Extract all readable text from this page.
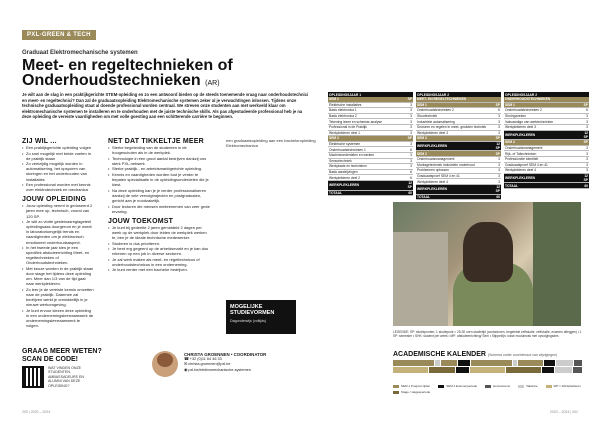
PXL-GREEN & TECH
Graduaat Elektromechanische systemen
Meet- en regeltechnieken of Onderhoudstechnieken (AR)
Je wilt aan de slag in een praktijkgerichte STEM-opleiding en zo een antwoord bieden op de steeds toenemende vraag naar onderhoudstechnici en meet- en regeltechnici? Dan zal de graduaatsopleiding Elektromechanische systemen zeker al je verwachtingen inlossen. Tijdens onze technische graduaatsopleiding staat al doende professional worden centraal. We streven onze studenten aan met werkveld klaar om elektromechanische systemen te installeren en te onderhouden met de juiste technische skills. Als pas afgestudeerde professional heb je na deze opleiding de vereiste vaardigheden om met volle goesting aan een schitterende carrière te beginnen.
ZIJ WIL ...
• Een praktijkgerichte opleiding volgen
• Zo snel mogelijk met beide voeten in de praktijk staan
• Zo veelzijdig mogelijk worden in automatisering, het opsporen van storingen en het onderhouden van installaties
• Een professional worden met kennis over elektrotechniek en mechanica
JOUW OPLEIDING
• Jouw opleiding neemt in gedoseerd 2 jaren mee op, technisch, vooral van 120 SP.
• Je wilt zo vlotte gesteinasreglageteel opleidingsaas doorgerom en je wordt in laboratoriumgelijk trends en vaardigheden om je elektronisch emotioneel onderhoudsaspect.
• In het tweede jaar kies je een specifiek afstudeerrichting Meet- en regeltechnieken of Onderhoudstechnieken.
• Met keuze worden in de praktijk staan door stage het tijdens deze opleiding om. Meer dan 1/3 van de tijd gaat naar werkplekleren.
• Zo leer je de vereiste kennis omzetten naar de praktijk. Daarmee zal bedrijven werkt je onmiddellijk in je nieuwe werkomgeving.
• Je kunt ervoor kiezen deze opleiding in een ondernemingsleerraamwerk de ondernemingsleerraamwerk te volgen.
NET DAT TIKKELTJE MEER
• Sterke begeleiding van de studenten in de hoogescholen als in de werkplek.
• Technologie in een groot aantal bedrijven dankzij ons sterk PXL-netwerk.
• Sterke praktijk - en arbeidsmarktgerichte opleiding.
• Kennis en vaardigheden worden tuot je verder te bepalen specialisatie in de opleidingsonderdelen die je kiest.
• Na deze opleiding kan je je verder professionaliseren dankzij de vele vervolgtrajecten en postgraduaten, gericht aan je noodzakelijk.
• Door lecturen die mensen meiteenemen van zeer grote ervaring.
JOUW TOEKOMST
• Je kunt bij gedeelte 2 jaren gemiddeld 2 dagen per week op de werkplek door leiden de werkplek werken te, ben je de ideale technische medewerker.
• Studeren is dus prioriteren.
• Je bent erg gegeerd op de arbeidsmarkt en je kan dus rekenen op een job in diverse sectoren.
• Je zal werk maken als meet- en regeltechnicus of onderhoudstechnicus in een onderneming.
• Je kunt verder met een bachelor bedrijven.
een graduaatsopleiding aan een bacheloropleiding Elektromechanica
MOGELIJKE STUDIEVORMEN
Dagonderwijs (voltijds)
GRAAG MEER WETEN? SCAN DE CODE!
WAT VINDEN ONZE STUDENTEN, AMBASSADEURS EN ALUMNI VAN DEZE OPLEIDING?
CHRISTA GROENNEN • COORDINATOR
☎ +32 (0)11 64 46 33
✉ christa.groennen@pxl.be
◉ pxl.be/elektromechanische-systemen
200 | 2023 – 2024	2023 – 2024 | 201
OPLEIDINGSJAAR 1	
SEM 1	SP
Elektrische installaties	3
Basis elektronica 1	3
Basis elektronica 2	3
Tekening lezen en schemas analyse	3
Professional in de Praktijk	3
Werkplekleren deel 1	3
SEM 2	SP
Elektrische systemen	3
Onderhoudstechnieken 1	6
Machineonderdelen en werken	3
Sensortechniek	3
Werkplaats en technieken	3
Basis aandrijvingen	6
Werkplekleren deel 2	6
WERKPLEKLEREN	12 SP
TOTAAL	60
OPLEIDINGSJAAR 2	
MEET- EN REGELTECHNIEKEN	
SEM 1	SP
Onderhoudstechnieken 2	6
Stuurtechniek	3
Industriele automatisering	3
Sectoren en regelen in meet- gesloten techniek	3
Werkplekleren deel 3	3
SEM 2	SP
WERKPLEKLEREN	12 SP
SEM 2	SP
Onderhoudsmanagement	3
Montagetechniek industriele onderhoud	3
Probleemen oplossen	3
Graduaatsproef SEM 4 en 41	3
Werkplekleren deel 4	3
WERKPLEKLEREN	12 SP
TOTAAL	60
OPLEIDINGSJAAR 2	
ONDERHOUDSTECHNIEKEN	
SEM 1	SP
Onderhoudstechnieken 2	6
Storingzoeken	3
Vakvaardige van werktechnieken	3
Werkplekleren deel 3	3
WERKPLEKLEREN	12 SP
SEM 2	SP
Onderhoudsmanagement	3
Rijk- of Toltechnieken	3
Professionele identiteit	3
Graduaatsproef SEM 4 en 41	3
Werkplekleren deel 4	3
WERKPLEKLEREN	12 SP
TOTAAL	60
LEGENDE: SP: studiepunten; 1 studiepunt = 25-30 uren studietijd (contacturen, begeleide zelfstudie, zelfstudie, examen afleggen) • 1 SP: semester • SHK: student per week • MP: afstudeerrichting/ Sem • Stippellijn: losse modulevak met opvolgingsdes
ACADEMISCHE KALENDER (Schema onder voorbehoud van wijzigingen)
SEM 1 Program lijden	SEM 2 Examenperiode	Herexamens	Vakantie	WP = Werkplekleren
Stage / stagesperiode
